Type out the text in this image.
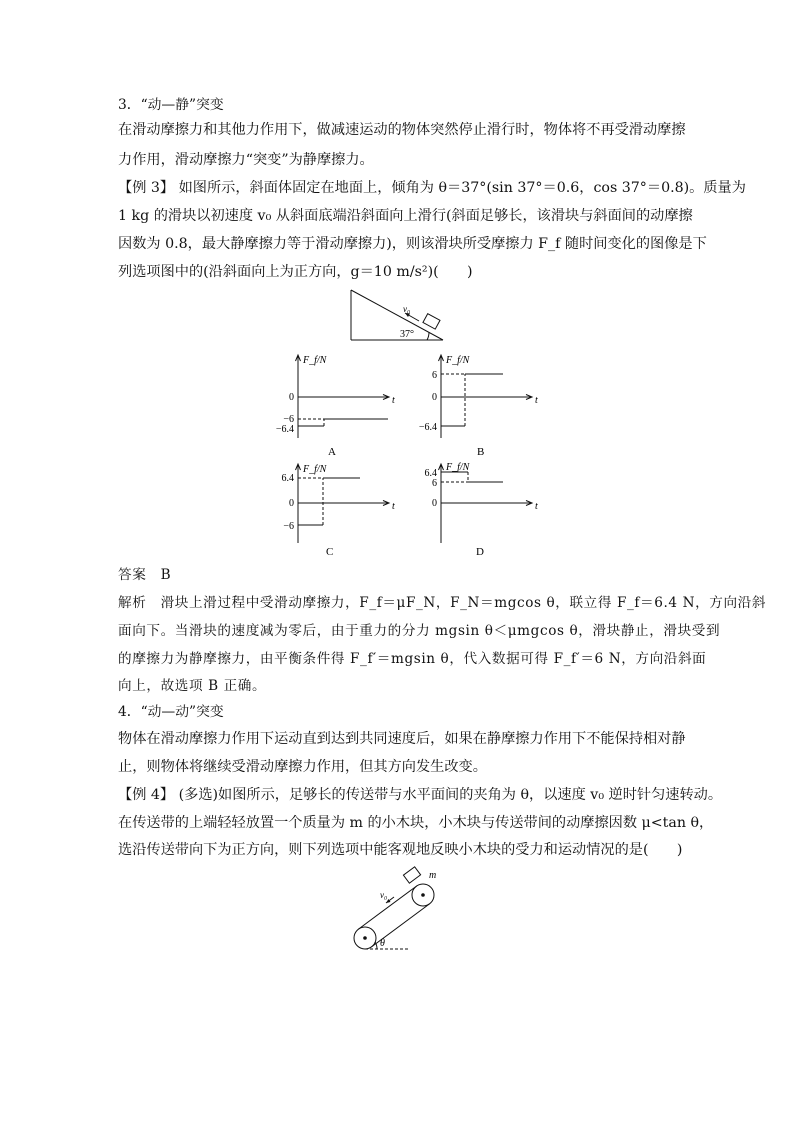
3．“动—静”突变
在滑动摩擦力和其他力作用下，做减速运动的物体突然停止滑行时，物体将不再受滑动摩擦
力作用，滑动摩擦力“突变”为静摩擦力。
【例 3】 如图所示，斜面体固定在地面上，倾角为 θ＝37°(sin 37°＝0.6，cos 37°＝0.8)。质量为
1 kg 的滑块以初速度 v₀ 从斜面底端沿斜面向上滑行(斜面足够长，该滑块与斜面间的动摩擦
因数为 0.8，最大静摩擦力等于滑动摩擦力)，则该滑块所受摩擦力 F_f 随时间变化的图像是下
列选项图中的(沿斜面向上为正方向，g＝10 m/s²)(　　)
v₀
37°
F_f/N
t
0
−6
−6.4
A
F_f/N
t
6
0
−6.4
B
F_f/N
t
6.4
0
−6
C
F_f/N
t
6.4
6
0
D
答案　B
解析　滑块上滑过程中受滑动摩擦力，F_f＝μF_N，F_N＝mgcos θ，联立得 F_f＝6.4 N，方向沿斜
面向下。当滑块的速度减为零后，由于重力的分力 mgsin θ＜μmgcos θ，滑块静止，滑块受到
的摩擦力为静摩擦力，由平衡条件得 F_f′＝mgsin θ，代入数据可得 F_f′＝6 N，方向沿斜面
向上，故选项 B 正确。
4．“动—动”突变
物体在滑动摩擦力作用下运动直到达到共同速度后，如果在静摩擦力作用下不能保持相对静
止，则物体将继续受滑动摩擦力作用，但其方向发生改变。
【例 4】 (多选)如图所示，足够长的传送带与水平面间的夹角为 θ，以速度 v₀ 逆时针匀速转动。
在传送带的上端轻轻放置一个质量为 m 的小木块，小木块与传送带间的动摩擦因数 μ<tan θ，
选沿传送带向下为正方向，则下列选项中能客观地反映小木块的受力和运动情况的是(　　)
m
v₀
θ
